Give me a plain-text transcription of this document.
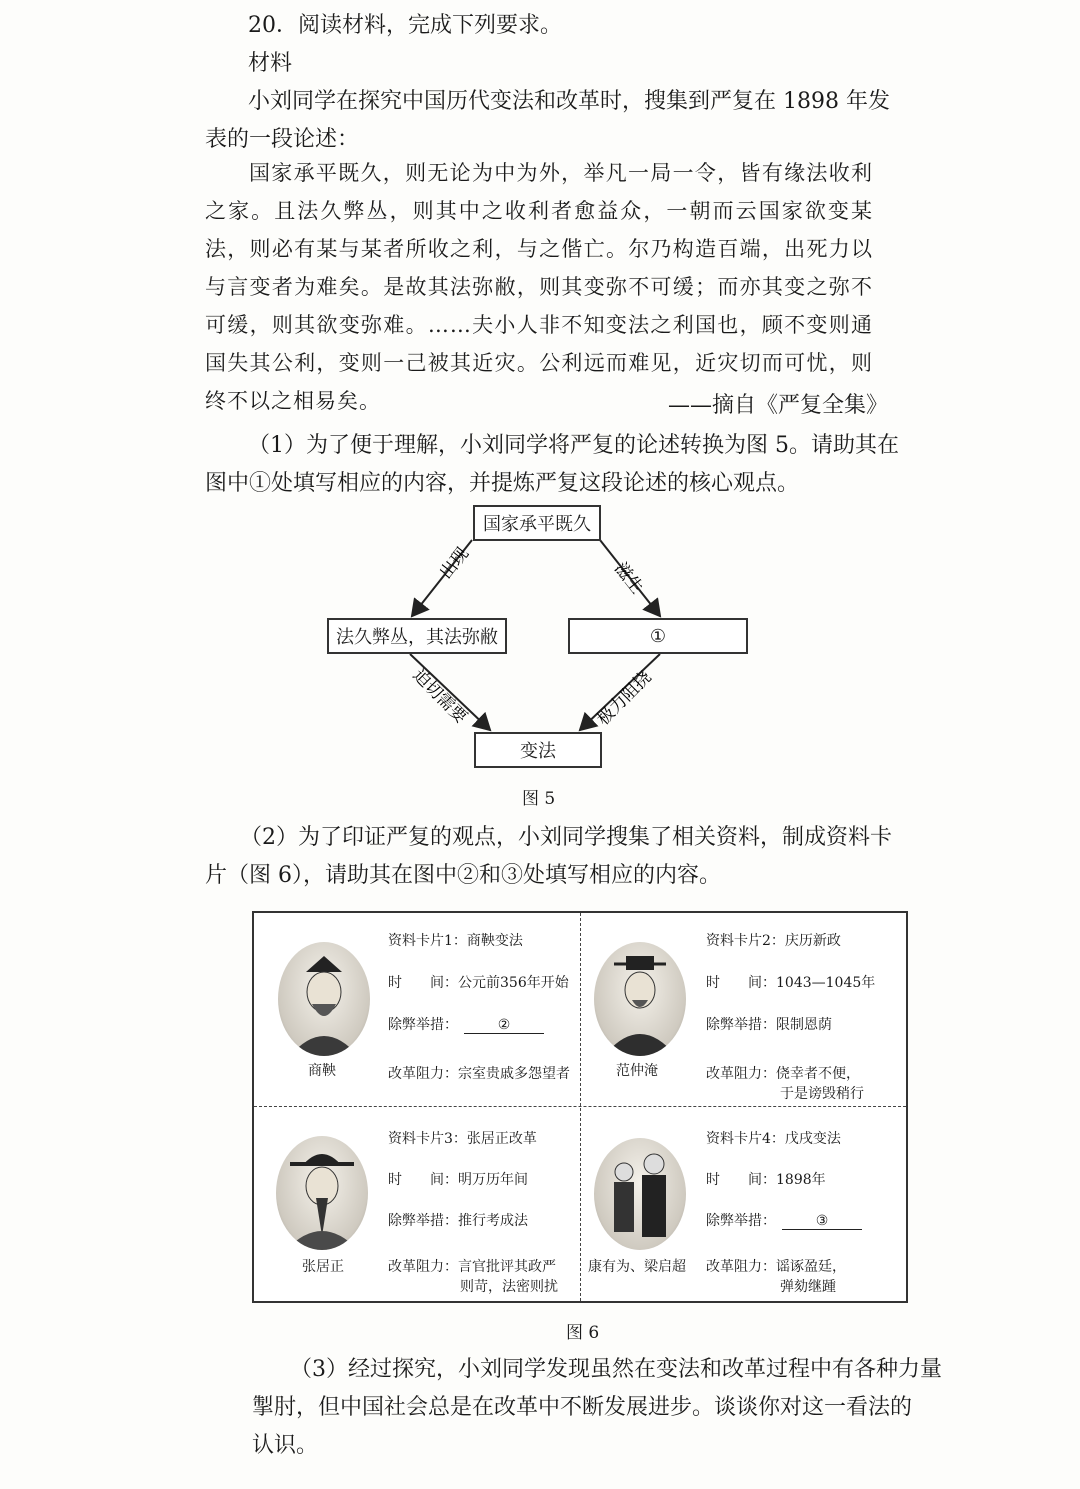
20．阅读材料，完成下列要求。
材料
小刘同学在探究中国历代变法和改革时，搜集到严复在 1898 年发
表的一段论述：
国家承平既久，则无论为中为外，举凡一局一令，皆有缘法收利之家。且法久弊丛，则其中之收利者愈益众，一朝而云国家欲变某法，则必有某与某者所收之利，与之偕亡。尔乃构造百端，出死力以与言变者为难矣。是故其法弥敝，则其变弥不可缓；而亦其变之弥不可缓，则其欲变弥难。……夫小人非不知变法之利国也，顾不变则通国失其公利，变则一己被其近灾。公利远而难见，近灾切而可忧，则终不以之相易矣。	——摘自《严复全集》
（1）为了便于理解，小刘同学将严复的论述转换为图 5。请助其在
图中①处填写相应的内容，并提炼严复这段论述的核心观点。
出现	滋生
迫切需要	极力阻挠
国家承平既久
法久弊丛，其法弥敝	①
变法
图 5
（2）为了印证严复的观点，小刘同学搜集了相关资料，制成资料卡
片（图 6），请助其在图中②和③处填写相应的内容。
商鞅
资料卡片1：商鞅变法
时　　间：公元前356年开始
除弊举措：	②
改革阻力：宗室贵戚多怨望者	范仲淹
资料卡片2：庆历新政
时　　间：1043—1045年
除弊举措：限制恩荫
改革阻力：侥幸者不便，
于是谤毁稍行
张居正
资料卡片3：张居正改革
时　　间：明万历年间
除弊举措：推行考成法
改革阻力：言官批评其政严
则苛，法密则扰
康有为、梁启超
资料卡片4：戊戌变法
时　　间：1898年
除弊举措：	③
改革阻力：谣诼盈廷，
弹劾继踵
图 6
（3）经过探究，小刘同学发现虽然在变法和改革过程中有各种力量
掣肘，但中国社会总是在改革中不断发展进步。谈谈你对这一看法的
认识。
